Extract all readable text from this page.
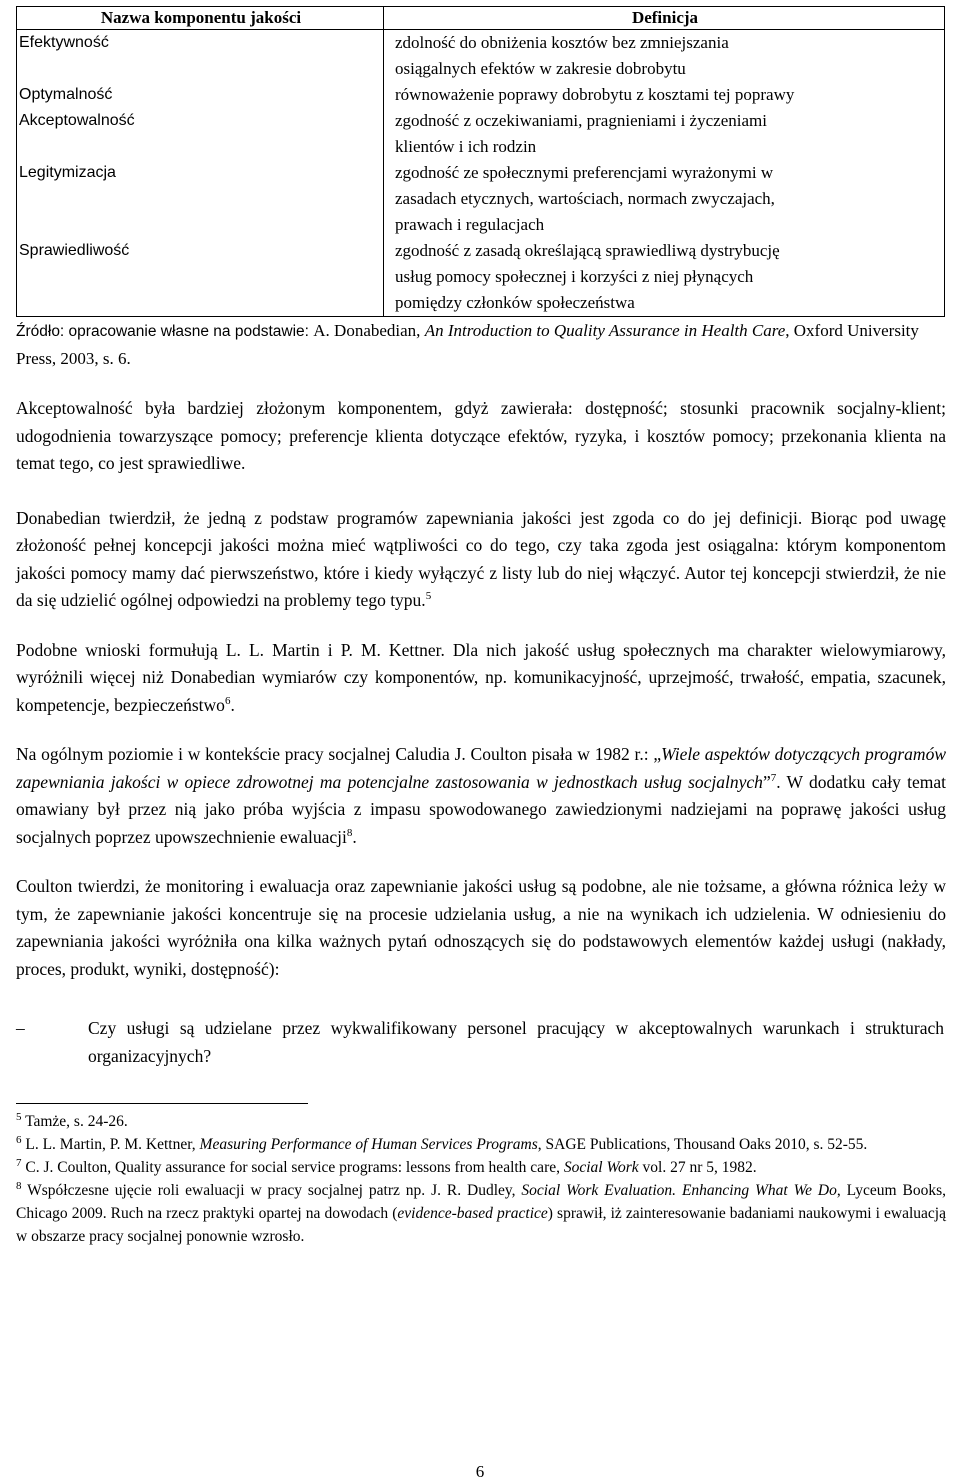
Nazwa komponentu jakości	Definicja
Efektywność	zdolność do obniżenia kosztów bez zmniejszania
osiągalnych efektów w zakresie dobrobytu

Optymalność	równoważenie poprawy dobrobytu z kosztami tej poprawy

Akceptowalność	zgodność z oczekiwaniami, pragnieniami i życzeniami
klientów i ich rodzin

Legitymizacja	zgodność ze społecznymi preferencjami wyrażonymi w
zasadach etycznych, wartościach, normach zwyczajach,
prawach i regulacjach

Sprawiedliwość	zgodność z zasadą określającą sprawiedliwą dystrybucję
usług pomocy społecznej i korzyści z niej płynących
pomiędzy członków społeczeństwa
Źródło: opracowanie własne na podstawie: A. Donabedian, An Introduction to Quality Assurance in Health Care, Oxford University Press, 2003, s. 6.

Akceptowalność była bardziej złożonym komponentem, gdyż zawierała: dostępność; stosunki pracownik socjalny-klient; udogodnienia towarzyszące pomocy; preferencje klienta dotyczące efektów, ryzyka, i kosztów pomocy; przekonania klienta na temat tego, co jest sprawiedliwe.

Donabedian twierdził, że jedną z podstaw programów zapewniania jakości jest zgoda co do jej definicji. Biorąc pod uwagę złożoność pełnej koncepcji jakości można mieć wątpliwości co do tego, czy taka zgoda jest osiągalna: którym komponentom jakości pomocy mamy dać pierwszeństwo, które i kiedy wyłączyć z listy lub do niej włączyć. Autor tej koncepcji stwierdził, że nie da się udzielić ogólnej odpowiedzi na problemy tego typu.$^5$

Podobne wnioski formułują L. L. Martin i P. M. Kettner. Dla nich jakość usług społecznych ma charakter wielowymiarowy, wyróżnili więcej niż Donabedian wymiarów czy komponentów, np. komunikacyjność, uprzejmość, trwałość, empatia, szacunek, kompetencje, bezpieczeństwo$^6$.

Na ogólnym poziomie i w kontekście pracy socjalnej Caludia J. Coulton pisała w 1982 r.: „Wiele aspektów dotyczących programów zapewniania jakości w opiece zdrowotnej ma potencjalne zastosowania w jednostkach usług socjalnych”$^7$. W dodatku cały temat omawiany był przez nią jako próba wyjścia z impasu spowodowanego zawiedzionymi nadziejami na poprawę jakości usług socjalnych poprzez upowszechnienie ewaluacji$^8$.

Coulton twierdzi, że monitoring i ewaluacja oraz zapewnianie jakości usług są podobne, ale nie tożsame, a główna różnica leży w tym, że zapewnianie jakości koncentruje się na procesie udzielania usług, a nie na wynikach ich udzielenia. W odniesieniu do zapewniania jakości wyróżniła ona kilka ważnych pytań odnoszących się do podstawowych elementów każdej usługi (nakłady, proces, produkt, wyniki, dostępność):

–	Czy usługi są udzielane przez wykwalifikowany personel pracujący w akceptowalnych warunkach i strukturach organizacyjnych?

$^5$ Tamże, s. 24-26.

$^6$ L. L. Martin, P. M. Kettner, Measuring Performance of Human Services Programs, SAGE Publications, Thousand Oaks 2010, s. 52-55.

$^7$ C. J. Coulton, Quality assurance for social service programs: lessons from health care, Social Work vol. 27 nr 5, 1982.

$^8$ Współczesne ujęcie roli ewaluacji w pracy socjalnej patrz np. J. R. Dudley, Social Work Evaluation. Enhancing What We Do, Lyceum Books, Chicago 2009. Ruch na rzecz praktyki opartej na dowodach (evidence-based practice) sprawił, iż zainteresowanie badaniami naukowymi i ewaluacją w obszarze pracy socjalnej ponownie wzrosło.

6
